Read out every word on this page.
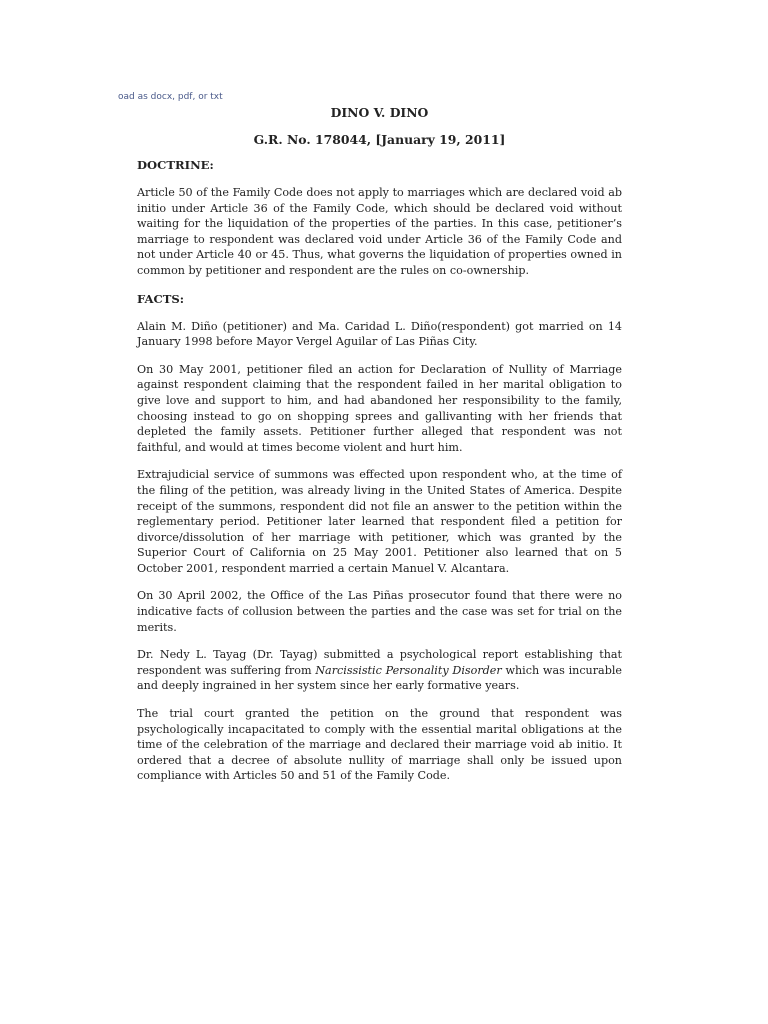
oad as docx, pdf, or txt

DINO V. DINO

G.R. No. 178044, [January 19, 2011]

DOCTRINE:

Article 50 of the Family Code does not apply to marriages which are declared void ab initio under Article 36 of the Family Code, which should be declared void without waiting for the liquidation of the properties of the parties. In this case, petitioner’s marriage to respondent was declared void under Article 36 of the Family Code and not under Article 40 or 45. Thus, what governs the liquidation of properties owned in common by petitioner and respondent are the rules on co-ownership.

FACTS:

Alain M. Diño (petitioner) and Ma. Caridad L. Diño(respondent) got married on 14 January 1998 before Mayor Vergel Aguilar of Las Piñas City.

On 30 May 2001, petitioner filed an action for Declaration of Nullity of Marriage against respondent claiming that the respondent failed in her marital obligation to give love and support to him, and had abandoned her responsibility to the family, choosing instead to go on shopping sprees and gallivanting with her friends that depleted the family assets. Petitioner further alleged that respondent was not faithful, and would at times become violent and hurt him.

Extrajudicial service of summons was effected upon respondent who, at the time of the filing of the petition, was already living in the United States of America. Despite receipt of the summons, respondent did not file an answer to the petition within the reglementary period. Petitioner later learned that respondent filed a petition for divorce/dissolution of her marriage with petitioner, which was granted by the Superior Court of California on 25 May 2001. Petitioner also learned that on 5 October 2001, respondent married a certain Manuel V. Alcantara.

On 30 April 2002, the Office of the Las Piñas prosecutor found that there were no indicative facts of collusion between the parties and the case was set for trial on the merits.

Dr. Nedy L. Tayag (Dr. Tayag) submitted a psychological report establishing that respondent was suffering from Narcissistic Personality Disorder which was incurable and deeply ingrained in her system since her early formative years.

The trial court granted the petition on the ground that respondent was psychologically incapacitated to comply with the essential marital obligations at the time of the celebration of the marriage and declared their marriage void ab initio. It ordered that a decree of absolute nullity of marriage shall only be issued upon compliance with Articles 50 and 51 of the Family Code.
